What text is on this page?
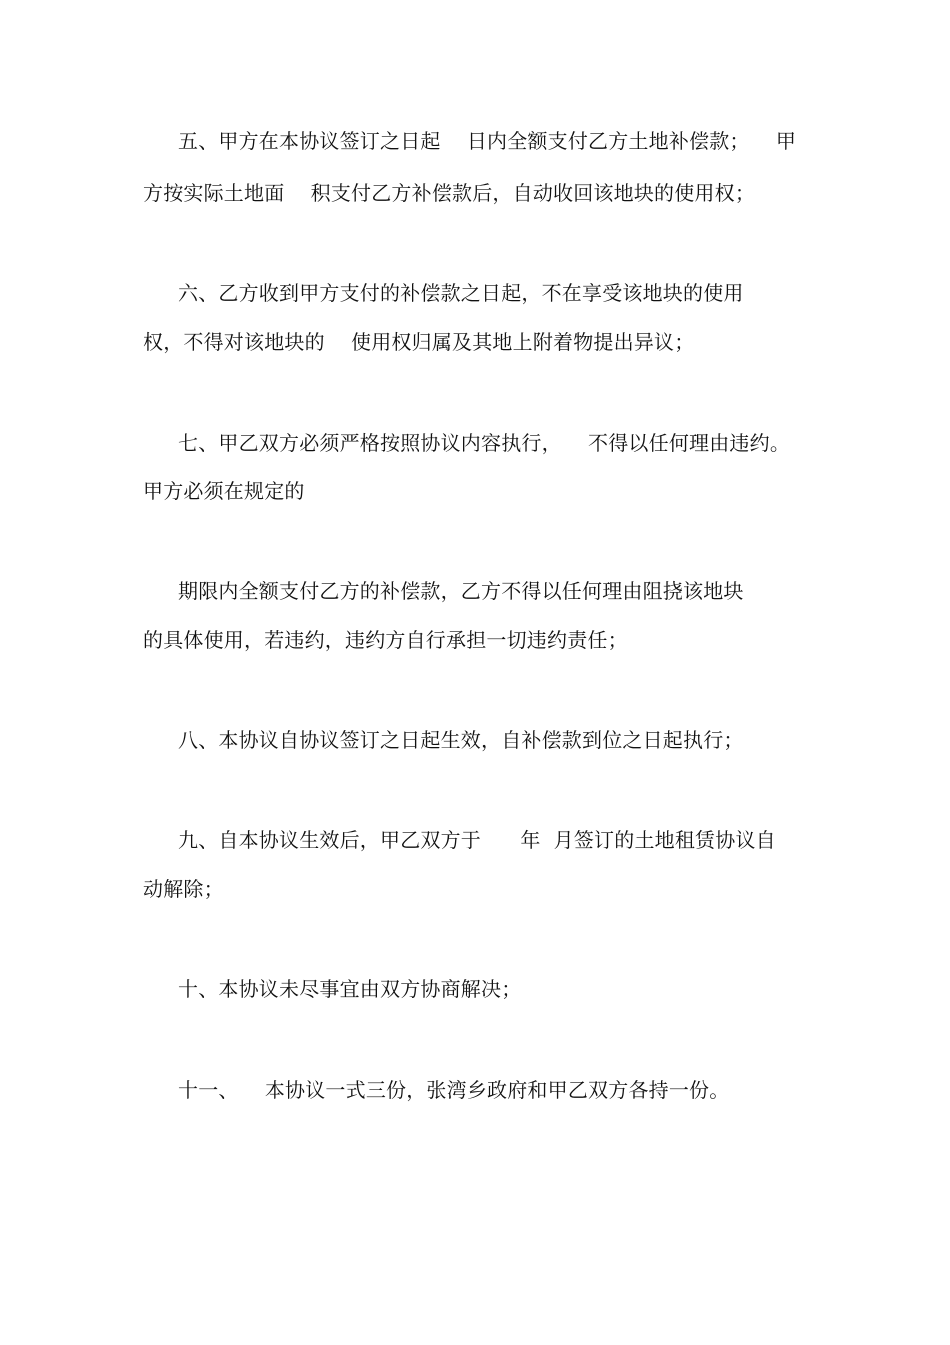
五、甲方在本协议签订之日起    日内全额支付乙方土地补偿款；    甲
方按实际土地面    积支付乙方补偿款后，自动收回该地块的使用权；
六、乙方收到甲方支付的补偿款之日起，不在享受该地块的使用
权，不得对该地块的    使用权归属及其地上附着物提出异议；
七、甲乙双方必须严格按照协议内容执行，    不得以任何理由违约。
甲方必须在规定的
期限内全额支付乙方的补偿款，乙方不得以任何理由阻挠该地块
的具体使用，若违约，违约方自行承担一切违约责任；
八、本协议自协议签订之日起生效，自补偿款到位之日起执行；
九、自本协议生效后，甲乙双方于      年  月签订的土地租赁协议自
动解除；
十、本协议未尽事宜由双方协商解决；
十一、    本协议一式三份，张湾乡政府和甲乙双方各持一份。
